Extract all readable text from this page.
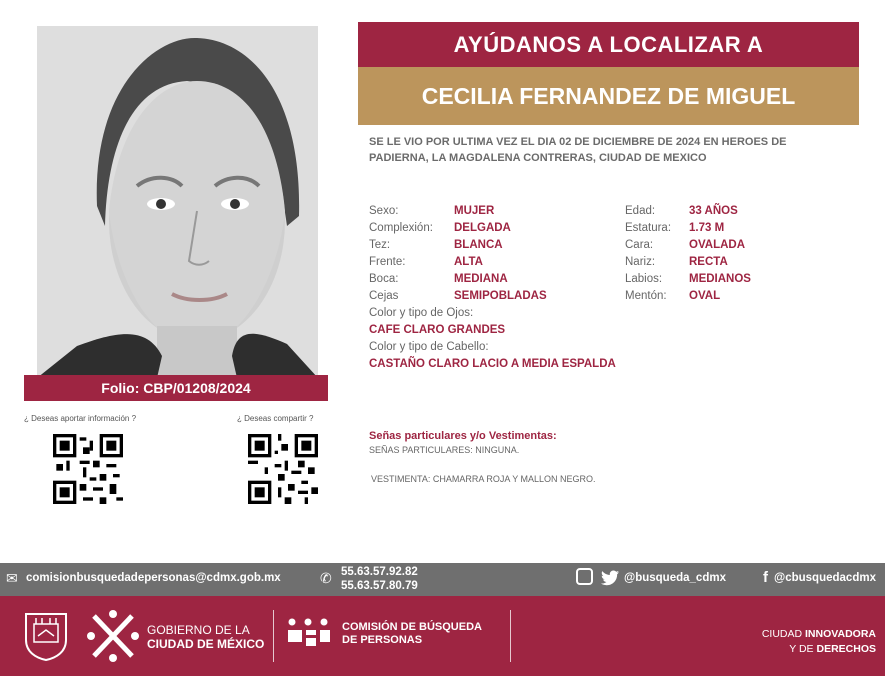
Folio: CBP/01208/2024
¿ Deseas aportar información ?	¿ Deseas compartir ?
AYÚDANOS A LOCALIZAR A
CECILIA FERNANDEZ DE MIGUEL
SE LE VIO POR ULTIMA VEZ EL DIA 02 DE DICIEMBRE DE 2024 EN HEROES DE PADIERNA, LA MAGDALENA CONTRERAS, CIUDAD DE MEXICO
Sexo:	MUJER
Complexión:	DELGADA
Tez:	BLANCA
Frente:	ALTA
Boca:	MEDIANA
Cejas	SEMIPOBLADAS
Color y tipo de Ojos:
CAFE CLARO GRANDES
Color y tipo de Cabello:
CASTAÑO CLARO LACIO A MEDIA ESPALDA
Edad:	33 AÑOS
Estatura:	1.73 M
Cara:	OVALADA
Nariz:	RECTA
Labios:	MEDIANOS
Mentón:	OVAL
Señas particulares y/o Vestimentas:
SEÑAS PARTICULARES: NINGUNA.
VESTIMENTA: CHAMARRA ROJA Y MALLON NEGRO.
✉ comisionbusquedadepersonas@cdmx.gob.mx	✆ 55.63.57.92.82
55.63.57.80.79
@busqueda_cdmx f @cbusquedacdmx
GOBIERNO DE LA
CIUDAD DE MÉXICO
COMISIÓN DE BÚSQUEDA
DE PERSONAS	CIUDAD INNOVADORA
Y DE DERECHOS
